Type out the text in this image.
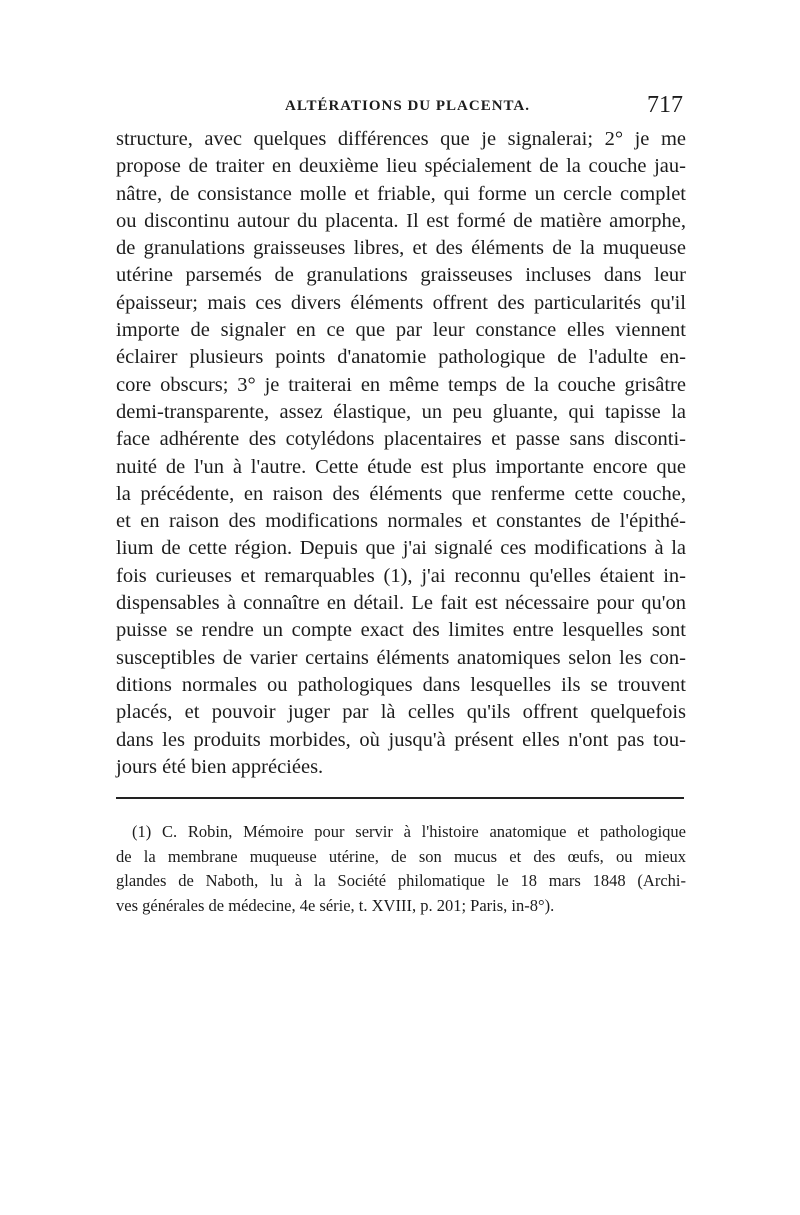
ALTÉRATIONS DU PLACENTA.	717
structure, avec quelques différences que je signalerai; 2° je me
propose de traiter en deuxième lieu spécialement de la couche jau-
nâtre, de consistance molle et friable, qui forme un cercle complet
ou discontinu autour du placenta. Il est formé de matière amorphe,
de granulations graisseuses libres, et des éléments de la muqueuse
utérine parsemés de granulations graisseuses incluses dans leur
épaisseur; mais ces divers éléments offrent des particularités qu'il
importe de signaler en ce que par leur constance elles viennent
éclairer plusieurs points d'anatomie pathologique de l'adulte en-
core obscurs; 3° je traiterai en même temps de la couche grisâtre
demi-transparente, assez élastique, un peu gluante, qui tapisse la
face adhérente des cotylédons placentaires et passe sans disconti-
nuité de l'un à l'autre. Cette étude est plus importante encore que
la précédente, en raison des éléments que renferme cette couche,
et en raison des modifications normales et constantes de l'épithé-
lium de cette région. Depuis que j'ai signalé ces modifications à la
fois curieuses et remarquables (1), j'ai reconnu qu'elles étaient in-
dispensables à connaître en détail. Le fait est nécessaire pour qu'on
puisse se rendre un compte exact des limites entre lesquelles sont
susceptibles de varier certains éléments anatomiques selon les con-
ditions normales ou pathologiques dans lesquelles ils se trouvent
placés, et pouvoir juger par là celles qu'ils offrent quelquefois
dans les produits morbides, où jusqu'à présent elles n'ont pas tou-
jours été bien appréciées.
(1) C. Robin, Mémoire pour servir à l'histoire anatomique et pathologique
de la membrane muqueuse utérine, de son mucus et des œufs, ou mieux
glandes de Naboth, lu à la Société philomatique le 18 mars 1848 (Archi-
ves générales de médecine, 4e série, t. XVIII, p. 201; Paris, in-8°).
